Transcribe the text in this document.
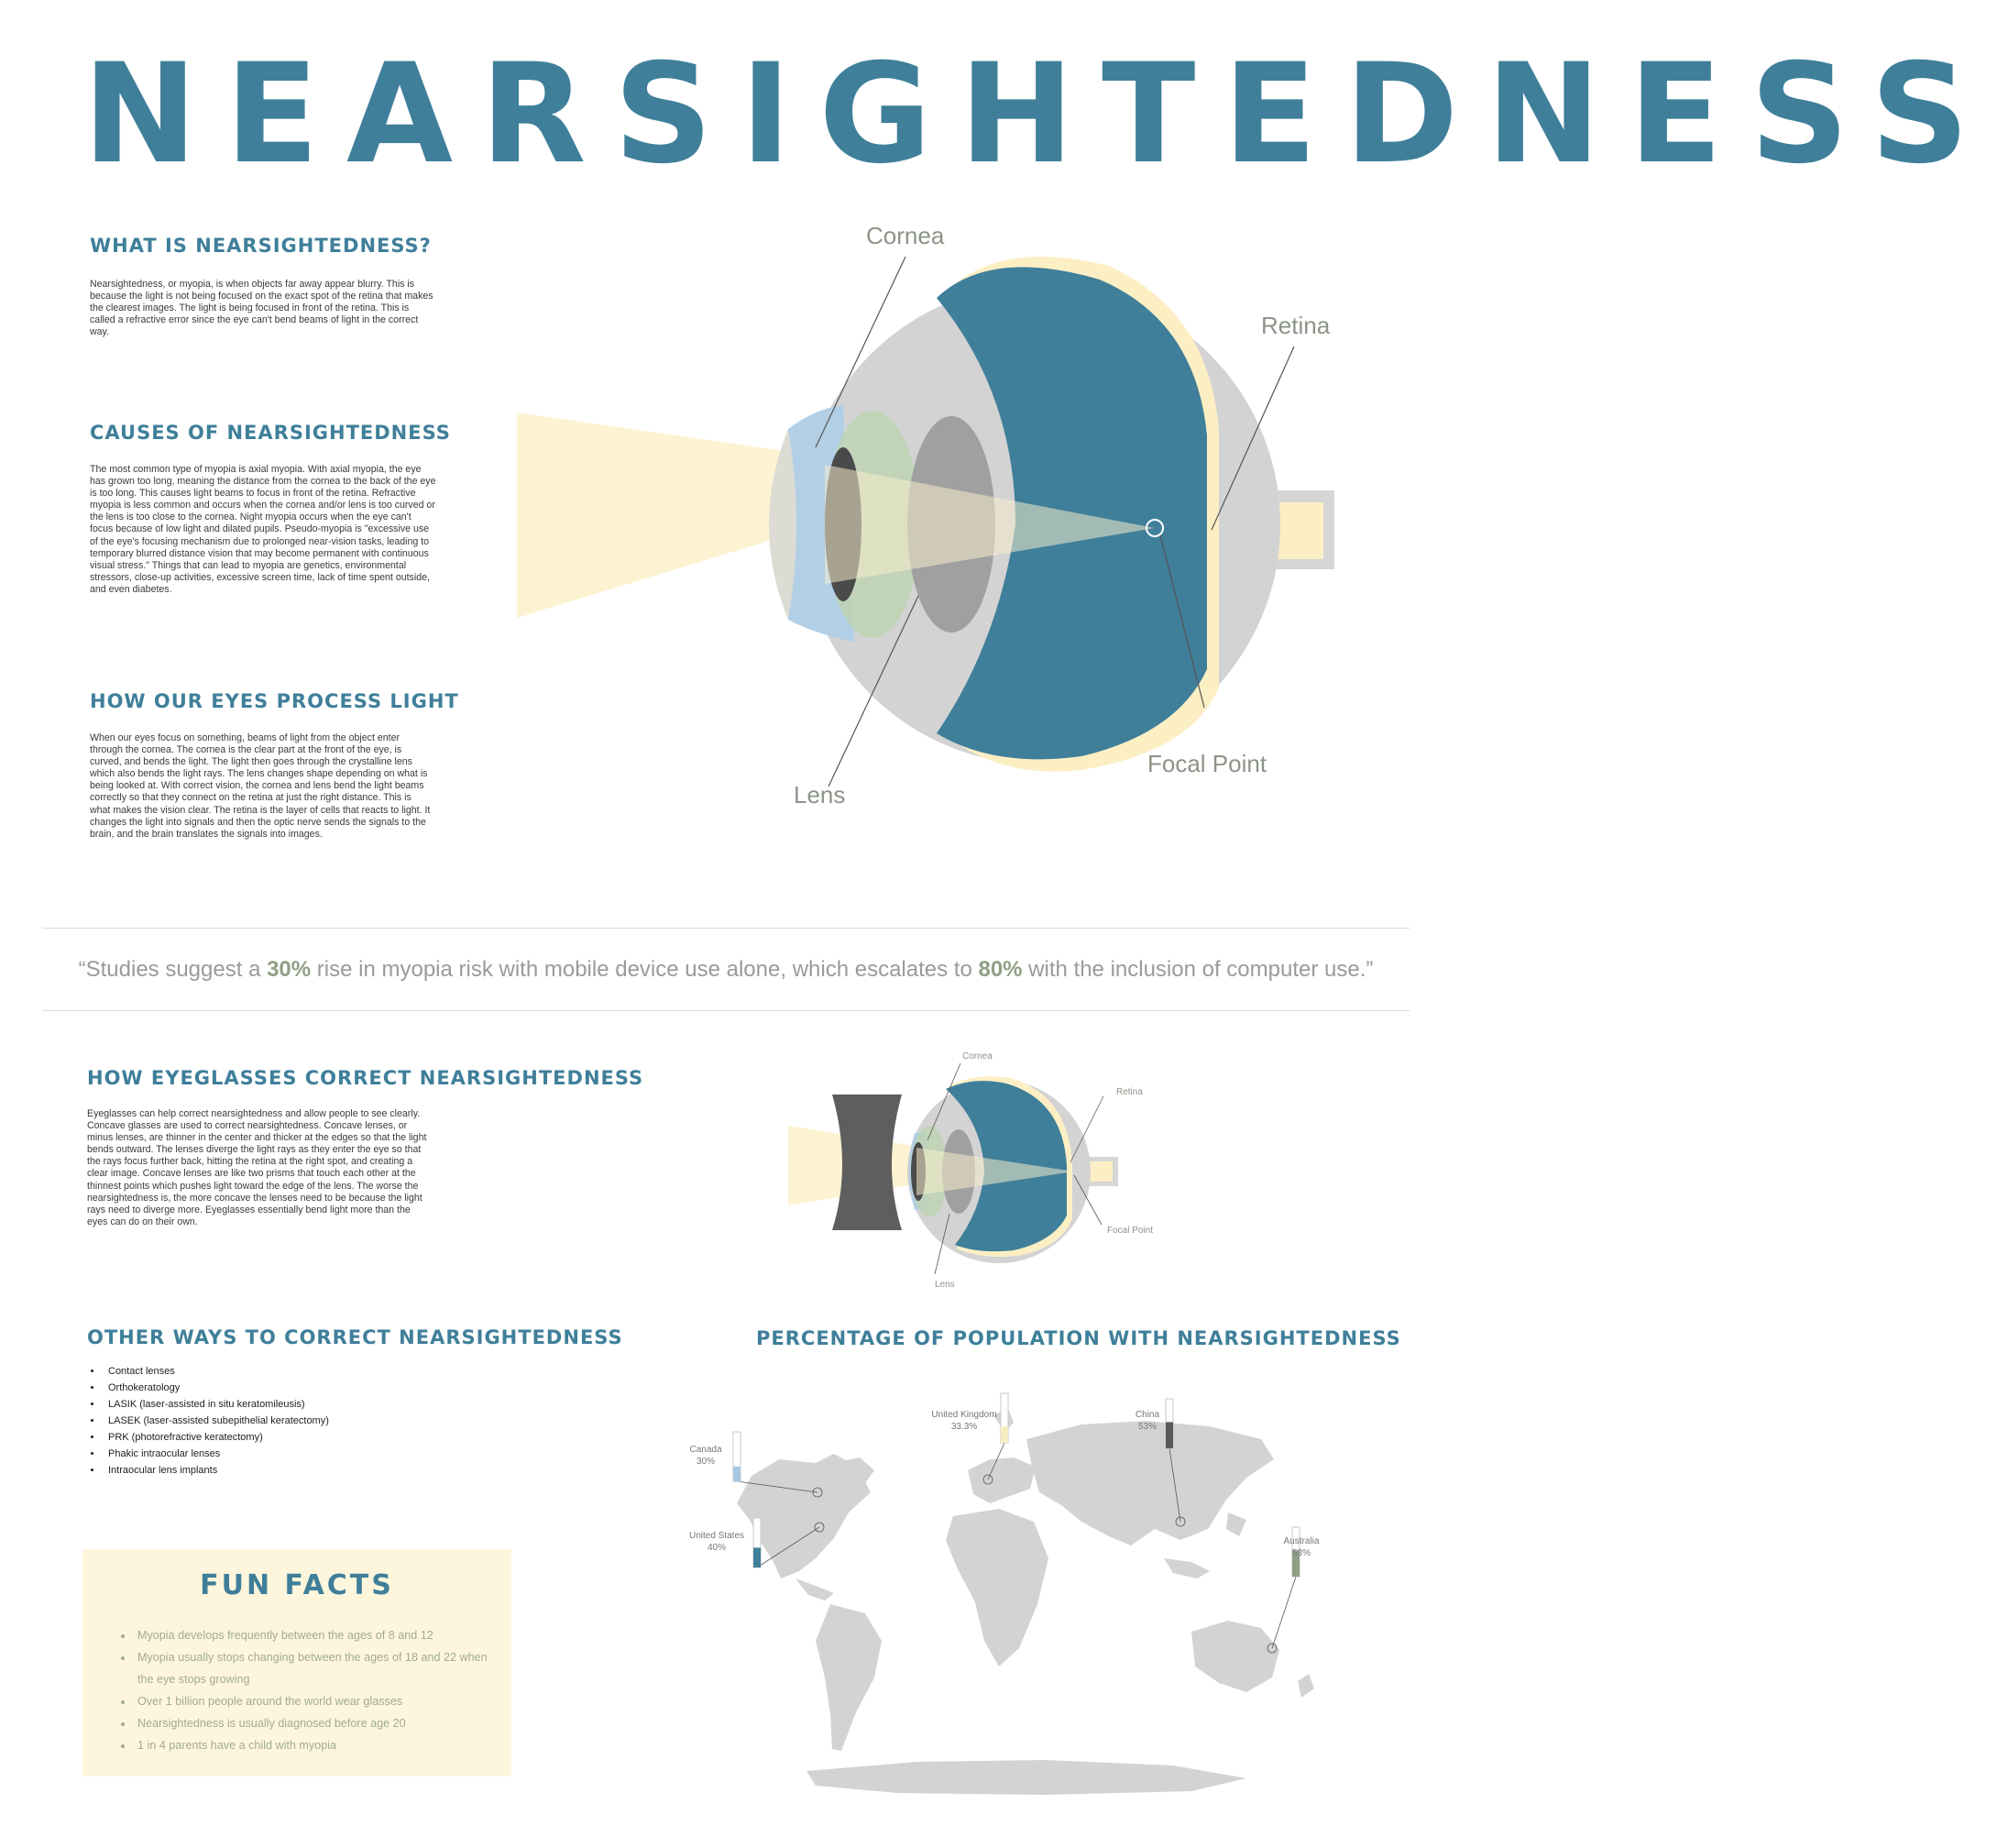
NEARSIGHTEDNESS
WHAT IS NEARSIGHTEDNESS?
Nearsightedness, or myopia, is when objects far away appear blurry. This is because the light is not being focused on the exact spot of the retina that makes the clearest images. The light is being focused in front of the retina. This is called a refractive error since the eye can't bend beams of light in the correct way.
CAUSES OF NEARSIGHTEDNESS
The most common type of myopia is axial myopia. With axial myopia, the eye has grown too long, meaning the distance from the cornea to the back of the eye is too long. This causes light beams to focus in front of the retina. Refractive myopia is less common and occurs when the cornea and/or lens is too curved or the lens is too close to the cornea. Night myopia occurs when the eye can't focus because of low light and dilated pupils. Pseudo-myopia is "excessive use of the eye's focusing mechanism due to prolonged near-vision tasks, leading to temporary blurred distance vision that may become permanent with continuous visual stress." Things that can lead to myopia are genetics, environmental stressors, close-up activities, excessive screen time, lack of time spent outside, and even diabetes.
HOW OUR EYES PROCESS LIGHT
When our eyes focus on something, beams of light from the object enter through the cornea. The cornea is the clear part at the front of the eye, is curved, and bends the light. The light then goes through the crystalline lens which also bends the light rays. The lens changes shape depending on what is being looked at. With correct vision, the cornea and lens bend the light beams correctly so that they connect on the retina at just the right distance. This is what makes the vision clear. The retina is the layer of cells that reacts to light. It changes the light into signals and then the optic nerve sends the signals to the brain, and the brain translates the signals into images.
Cornea
Retina
Lens
Focal Point
“Studies suggest a 30% rise in myopia risk with mobile device use alone, which escalates to 80% with the inclusion of computer use.”
HOW EYEGLASSES CORRECT NEARSIGHTEDNESS
Eyeglasses can help correct nearsightedness and allow people to see clearly. Concave glasses are used to correct nearsightedness. Concave lenses, or minus lenses, are thinner in the center and thicker at the edges so that the light bends outward. The lenses diverge the light rays as they enter the eye so that the rays focus further back, hitting the retina at the right spot, and creating a clear image. Concave lenses are like two prisms that touch each other at the thinnest points which pushes light toward the edge of the lens. The worse the nearsightedness is, the more concave the lenses need to be because the light rays need to diverge more. Eyeglasses essentially bend light more than the eyes can do on their own.
Cornea
Retina
Lens
Focal Point
OTHER WAYS TO CORRECT NEARSIGHTEDNESS
• Contact lenses
• Orthokeratology
• LASIK (laser-assisted in situ keratomileusis)
• LASEK (laser-assisted subepithelial keratectomy)
• PRK (photorefractive keratectomy)
• Phakic intraocular lenses
• Intraocular lens implants
FUN FACTS
• Myopia develops frequently between the ages of 8 and 12
• Myopia usually stops changing between the ages of 18 and 22 when the eye stops growing
• Over 1 billion people around the world wear glasses
• Nearsightedness is usually diagnosed before age 20
• 1 in 4 parents have a child with myopia
PERCENTAGE OF POPULATION WITH NEARSIGHTEDNESS
Canada
30%
United States
40%
United Kingdom
33.3%
China
53%
Australia
53%
